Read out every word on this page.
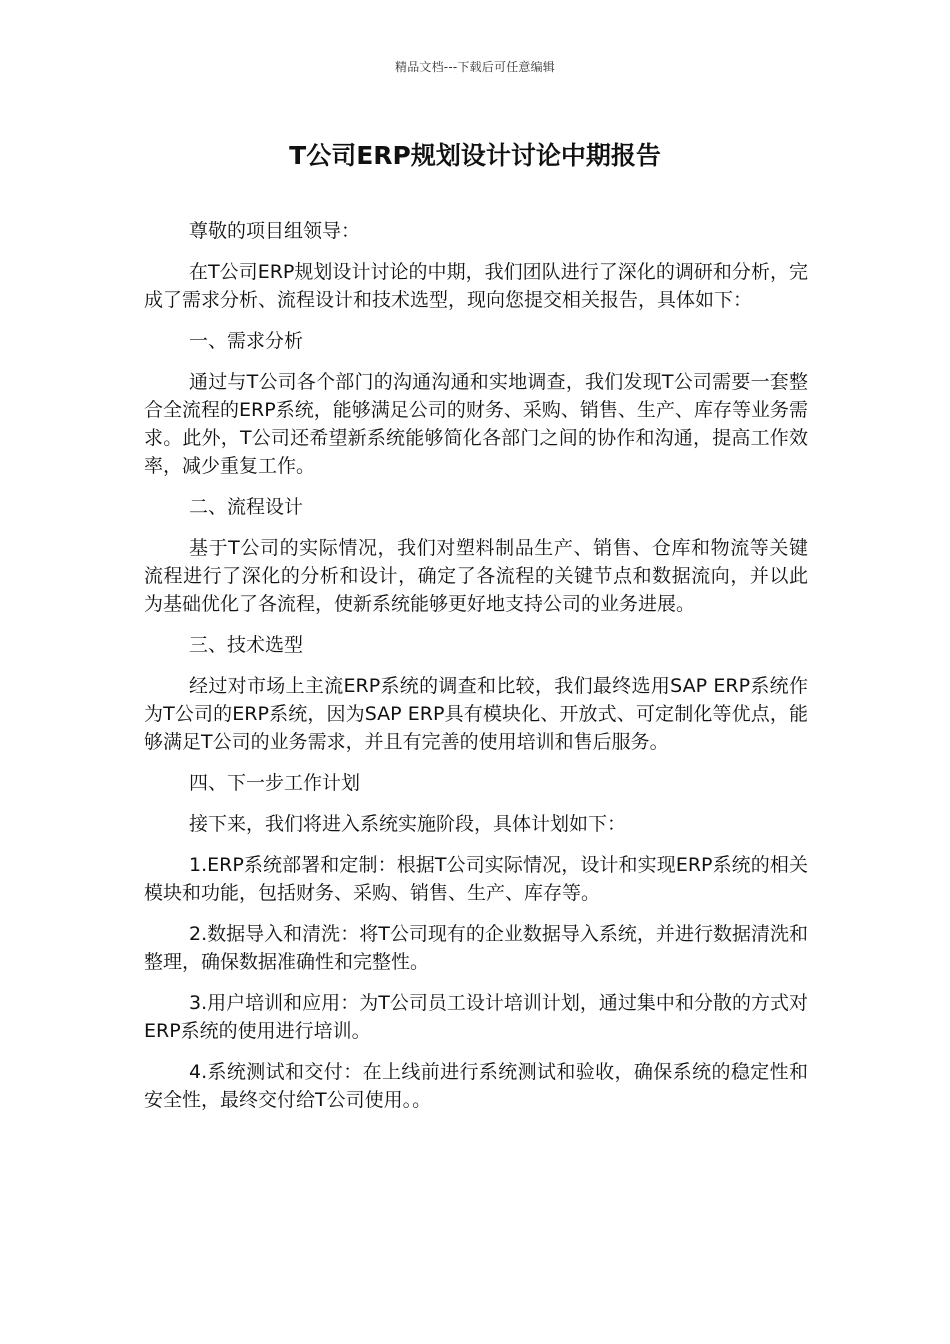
精品文档---下载后可任意编辑
T公司ERP规划设计讨论中期报告

尊敬的项目组领导：

在T公司ERP规划设计讨论的中期，我们团队进行了深化的调研和分析，完成了需求分析、流程设计和技术选型，现向您提交相关报告，具体如下：

一、需求分析

通过与T公司各个部门的沟通沟通和实地调查，我们发现T公司需要一套整合全流程的ERP系统，能够满足公司的财务、采购、销售、生产、库存等业务需求。此外，T公司还希望新系统能够简化各部门之间的协作和沟通，提高工作效率，减少重复工作。

二、流程设计

基于T公司的实际情况，我们对塑料制品生产、销售、仓库和物流等关键流程进行了深化的分析和设计，确定了各流程的关键节点和数据流向，并以此为基础优化了各流程，使新系统能够更好地支持公司的业务进展。

三、技术选型

经过对市场上主流ERP系统的调查和比较，我们最终选用SAP ERP系统作为T公司的ERP系统，因为SAP ERP具有模块化、开放式、可定制化等优点，能够满足T公司的业务需求，并且有完善的使用培训和售后服务。

四、下一步工作计划

接下来，我们将进入系统实施阶段，具体计划如下：

1.ERP系统部署和定制：根据T公司实际情况，设计和实现ERP系统的相关模块和功能，包括财务、采购、销售、生产、库存等。

2.数据导入和清洗：将T公司现有的企业数据导入系统，并进行数据清洗和整理，确保数据准确性和完整性。

3.用户培训和应用：为T公司员工设计培训计划，通过集中和分散的方式对ERP系统的使用进行培训。

4.系统测试和交付：在上线前进行系统测试和验收，确保系统的稳定性和安全性，最终交付给T公司使用。。
